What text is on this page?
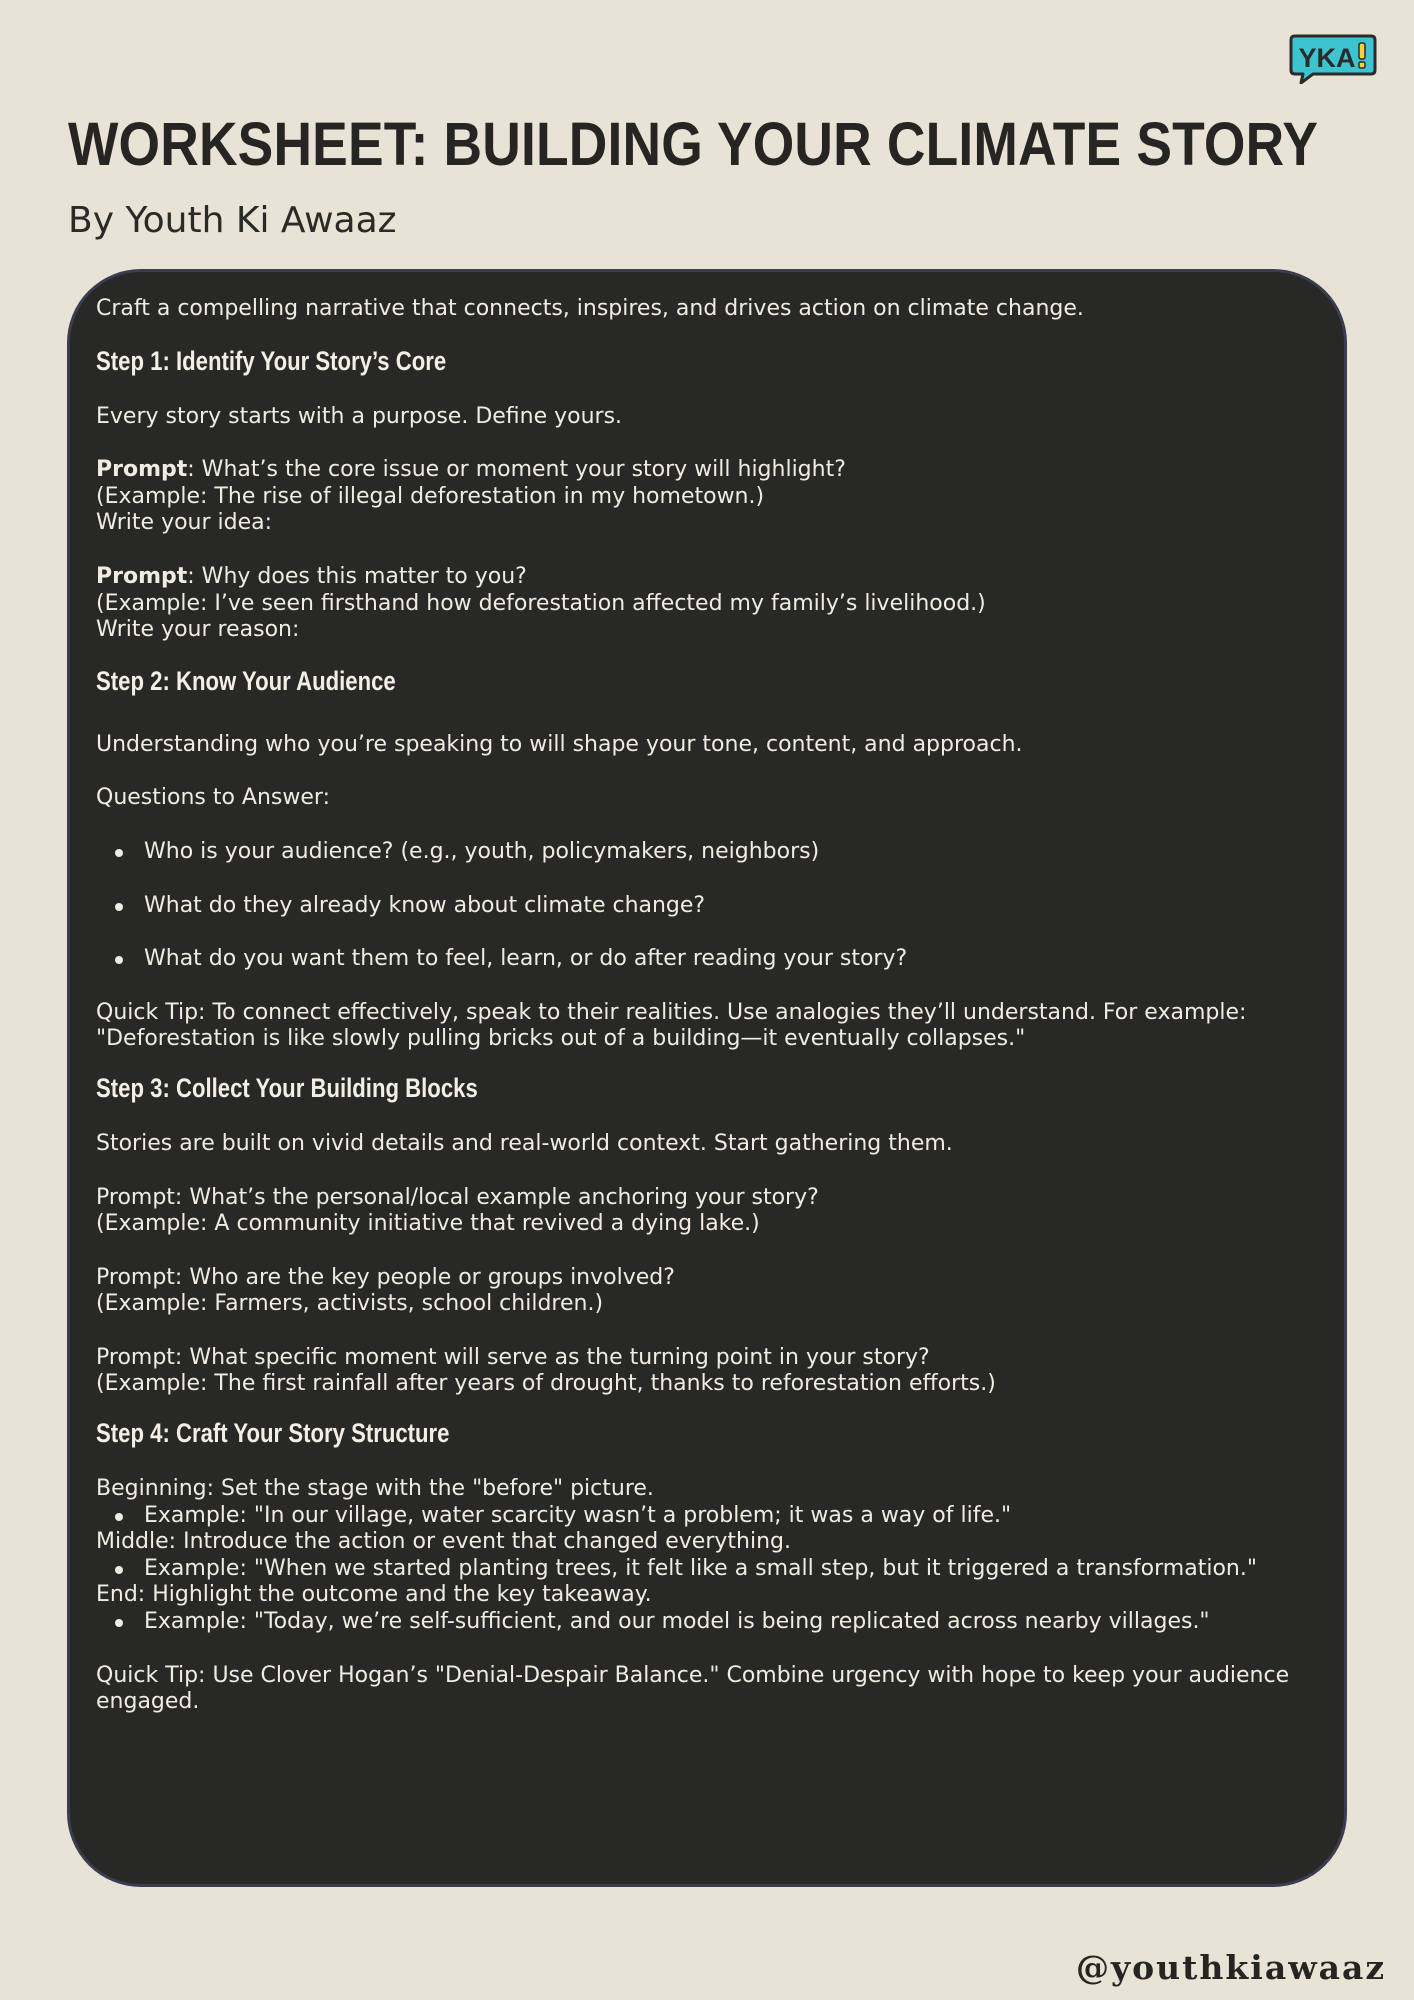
YKA
WORKSHEET: BUILDING YOUR CLIMATE STORY

By Youth Ki Awaaz

Craft a compelling narrative that connects, inspires, and drives action on climate change.

Step 1: Identify Your Story’s Core

Every story starts with a purpose. Define yours.

Prompt: What’s the core issue or moment your story will highlight?

(Example: The rise of illegal deforestation in my hometown.)

Write your idea:

Prompt: Why does this matter to you?

(Example: I’ve seen firsthand how deforestation affected my family’s livelihood.)

Write your reason:

Step 2: Know Your Audience

Understanding who you’re speaking to will shape your tone, content, and approach.

Questions to Answer:

Who is your audience? (e.g., youth, policymakers, neighbors)
What do they already know about climate change?
What do you want them to feel, learn, or do after reading your story?

Quick Tip: To connect effectively, speak to their realities. Use analogies they’ll understand. For example:

"Deforestation is like slowly pulling bricks out of a building—it eventually collapses."

Step 3: Collect Your Building Blocks

Stories are built on vivid details and real-world context. Start gathering them.

Prompt: What’s the personal/local example anchoring your story?

(Example: A community initiative that revived a dying lake.)

Prompt: Who are the key people or groups involved?

(Example: Farmers, activists, school children.)

Prompt: What specific moment will serve as the turning point in your story?

(Example: The first rainfall after years of drought, thanks to reforestation efforts.)

Step 4: Craft Your Story Structure

Beginning: Set the stage with the "before" picture.

Example: "In our village, water scarcity wasn’t a problem; it was a way of life."

Middle: Introduce the action or event that changed everything.

Example: "When we started planting trees, it felt like a small step, but it triggered a transformation."

End: Highlight the outcome and the key takeaway.

Example: "Today, we’re self-sufficient, and our model is being replicated across nearby villages."

Quick Tip: Use Clover Hogan’s "Denial-Despair Balance." Combine urgency with hope to keep your audience

engaged.

@youthkiawaaz
